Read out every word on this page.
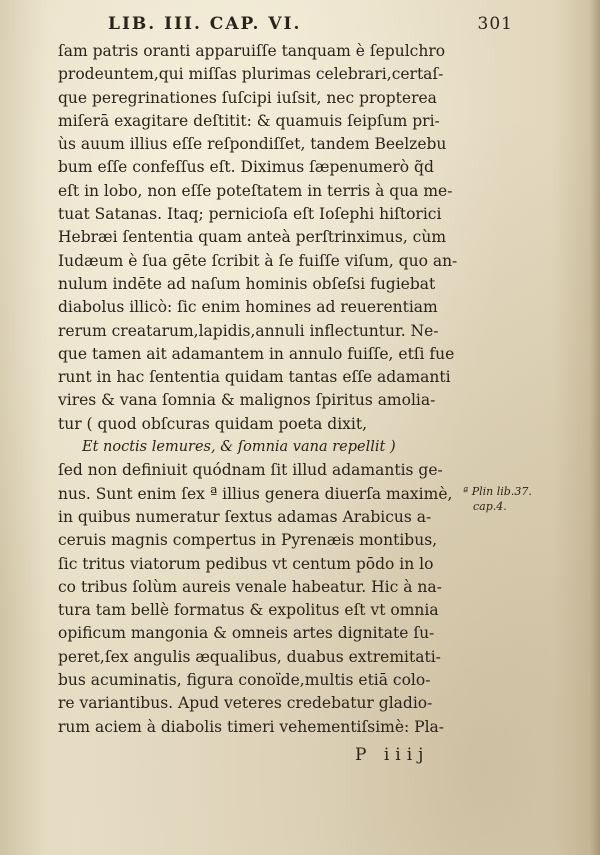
LIB. III. CAP. VI.	301
ſam patris oranti apparuiſſe tanquam è ſepulchro
prodeuntem,qui miſſas plurimas celebrari,certaſ-
que peregrinationes ſuſcipi iuſsit, nec propterea
miſerā exagitare deſtitit: & quamuis ſeipſum pri-
ùs auum illius eſſe reſpondiſſet, tandem Beelzebu
bum eſſe confeſſus eſt. Diximus ſæpenumerò q̃d
eſt in lobo, non eſſe poteſtatem in terris à qua me-
tuat Satanas. Itaq; pernicioſa eſt Ioſephi hiſtorici
Hebræi ſententia quam anteà perſtrinximus, cùm
Iudæum è ſua gēte ſcribit à ſe fuiſſe viſum, quo an-
nulum indēte ad naſum hominis obſeſsi fugiebat
diabolus illicò: ſic enim homines ad reuerentiam
rerum creatarum,lapidis,annuli inflectuntur. Ne-
que tamen ait adamantem in annulo fuiſſe, etſi fue
runt in hac ſententia quidam tantas eſſe adamanti
vires & vana ſomnia & malignos ſpiritus amolia-
tur ( quod obſcuras quidam poeta dixit,
Et noctis lemures, & ſomnia vana repellit )
ſed non definiuit quódnam ſit illud adamantis ge-
nus. Sunt enim ſex ª illius genera diuerſa maximè,
in quibus numeratur ſextus adamas Arabicus a-
ceruis magnis compertus in Pyrenæis montibus,
ſic tritus viatorum pedibus vt centum pōdo in lo
co tribus ſolùm aureis venale habeatur. Hic à na-
tura tam bellè formatus & expolitus eſt vt omnia
opificum mangonia & omneis artes dignitate ſu-
peret,ſex angulis æqualibus, duabus extremitati-
bus acuminatis, figura conoïde,multis etiā colo-
re variantibus. Apud veteres credebatur gladio-
rum aciem à diabolis timeri vehementiſsimè: Pla-
ª Plin lib.37.
cap.4.
P iiij
